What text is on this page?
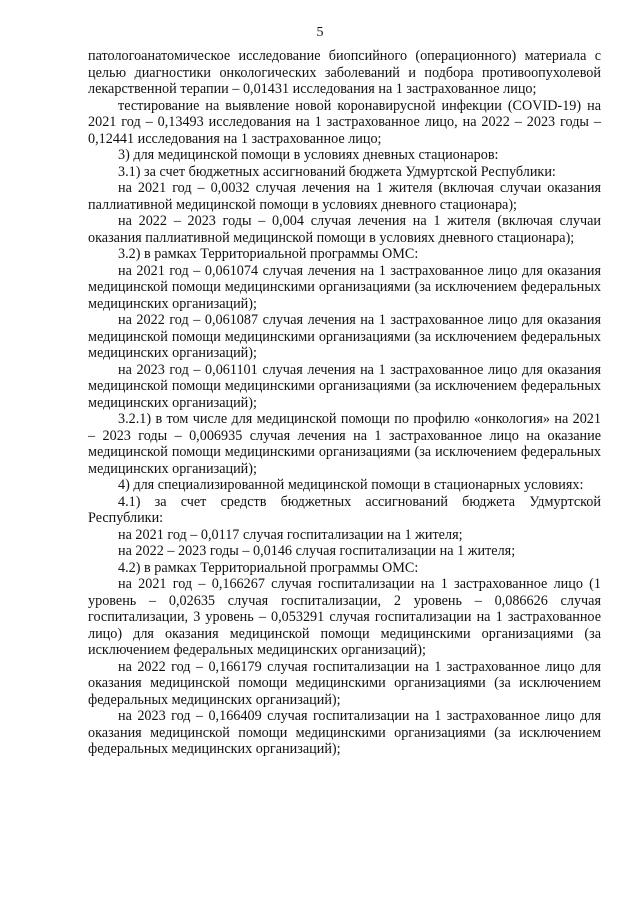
5

патологоанатомическое исследование биопсийного (операционного) материала с целью диагностики онкологических заболеваний и подбора противоопухолевой лекарственной терапии – 0,01431 исследования на 1 застрахованное лицо;

тестирование на выявление новой коронавирусной инфекции (COVID-19) на 2021 год – 0,13493 исследования на 1 застрахованное лицо, на 2022 – 2023 годы – 0,12441 исследования на 1 застрахованное лицо;

3) для медицинской помощи в условиях дневных стационаров:

3.1) за счет бюджетных ассигнований бюджета Удмуртской Республики:

на 2021 год – 0,0032 случая лечения на 1 жителя (включая случаи оказания паллиативной медицинской помощи в условиях дневного стационара);

на 2022 – 2023 годы – 0,004 случая лечения на 1 жителя (включая случаи оказания паллиативной медицинской помощи в условиях дневного стационара);

3.2) в рамках Территориальной программы ОМС:

на 2021 год – 0,061074 случая лечения на 1 застрахованное лицо для оказания медицинской помощи медицинскими организациями (за исключением федеральных медицинских организаций);

на 2022 год – 0,061087 случая лечения на 1 застрахованное лицо для оказания медицинской помощи медицинскими организациями (за исключением федеральных медицинских организаций);

на 2023 год – 0,061101 случая лечения на 1 застрахованное лицо для оказания медицинской помощи медицинскими организациями (за исключением федеральных медицинских организаций);

3.2.1) в том числе для медицинской помощи по профилю «онкология» на 2021 – 2023 годы – 0,006935 случая лечения на 1 застрахованное лицо на оказание медицинской помощи медицинскими организациями (за исключением федеральных медицинских организаций);

4) для специализированной медицинской помощи в стационарных условиях:

4.1) за счет средств бюджетных ассигнований бюджета Удмуртской Республики:

на 2021 год – 0,0117 случая госпитализации на 1 жителя;

на 2022 – 2023 годы – 0,0146 случая госпитализации на 1 жителя;

4.2) в рамках Территориальной программы ОМС:

на 2021 год – 0,166267 случая госпитализации на 1 застрахованное лицо (1 уровень – 0,02635 случая госпитализации, 2 уровень – 0,086626 случая госпитализации, 3 уровень – 0,053291 случая госпитализации на 1 застрахованное лицо) для оказания медицинской помощи медицинскими организациями (за исключением федеральных медицинских организаций);

на 2022 год – 0,166179 случая госпитализации на 1 застрахованное лицо для оказания медицинской помощи медицинскими организациями (за исключением федеральных медицинских организаций);

на 2023 год – 0,166409 случая госпитализации на 1 застрахованное лицо для оказания медицинской помощи медицинскими организациями (за исключением федеральных медицинских организаций);
